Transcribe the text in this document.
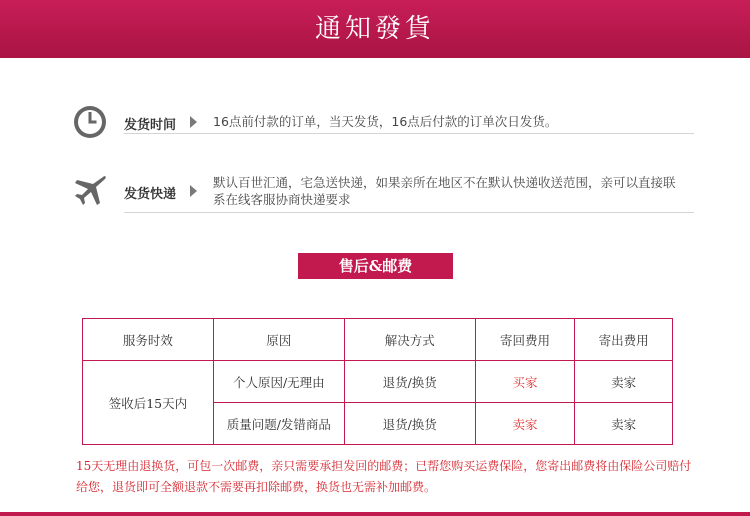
通知發貨
发货时间	16点前付款的订单，当天发货，16点后付款的订单次日发货。
发货快递
默认百世汇通，宅急送快递，如果亲所在地区不在默认快递收送范围，亲可以直接联系在线客服协商快递要求
售后&邮费
服务时效	原因	解决方式	寄回费用	寄出费用
签收后15天内	个人原因/无理由	退货/换货	买家	卖家
	质量问题/发错商品	退货/换货	卖家	卖家
15天无理由退换货，可包一次邮费，亲只需要承担发回的邮费；已帮您购买运费保险，您寄出邮费将由保险公司赔付给您，退货即可全额退款不需要再扣除邮费，换货也无需补加邮费。
